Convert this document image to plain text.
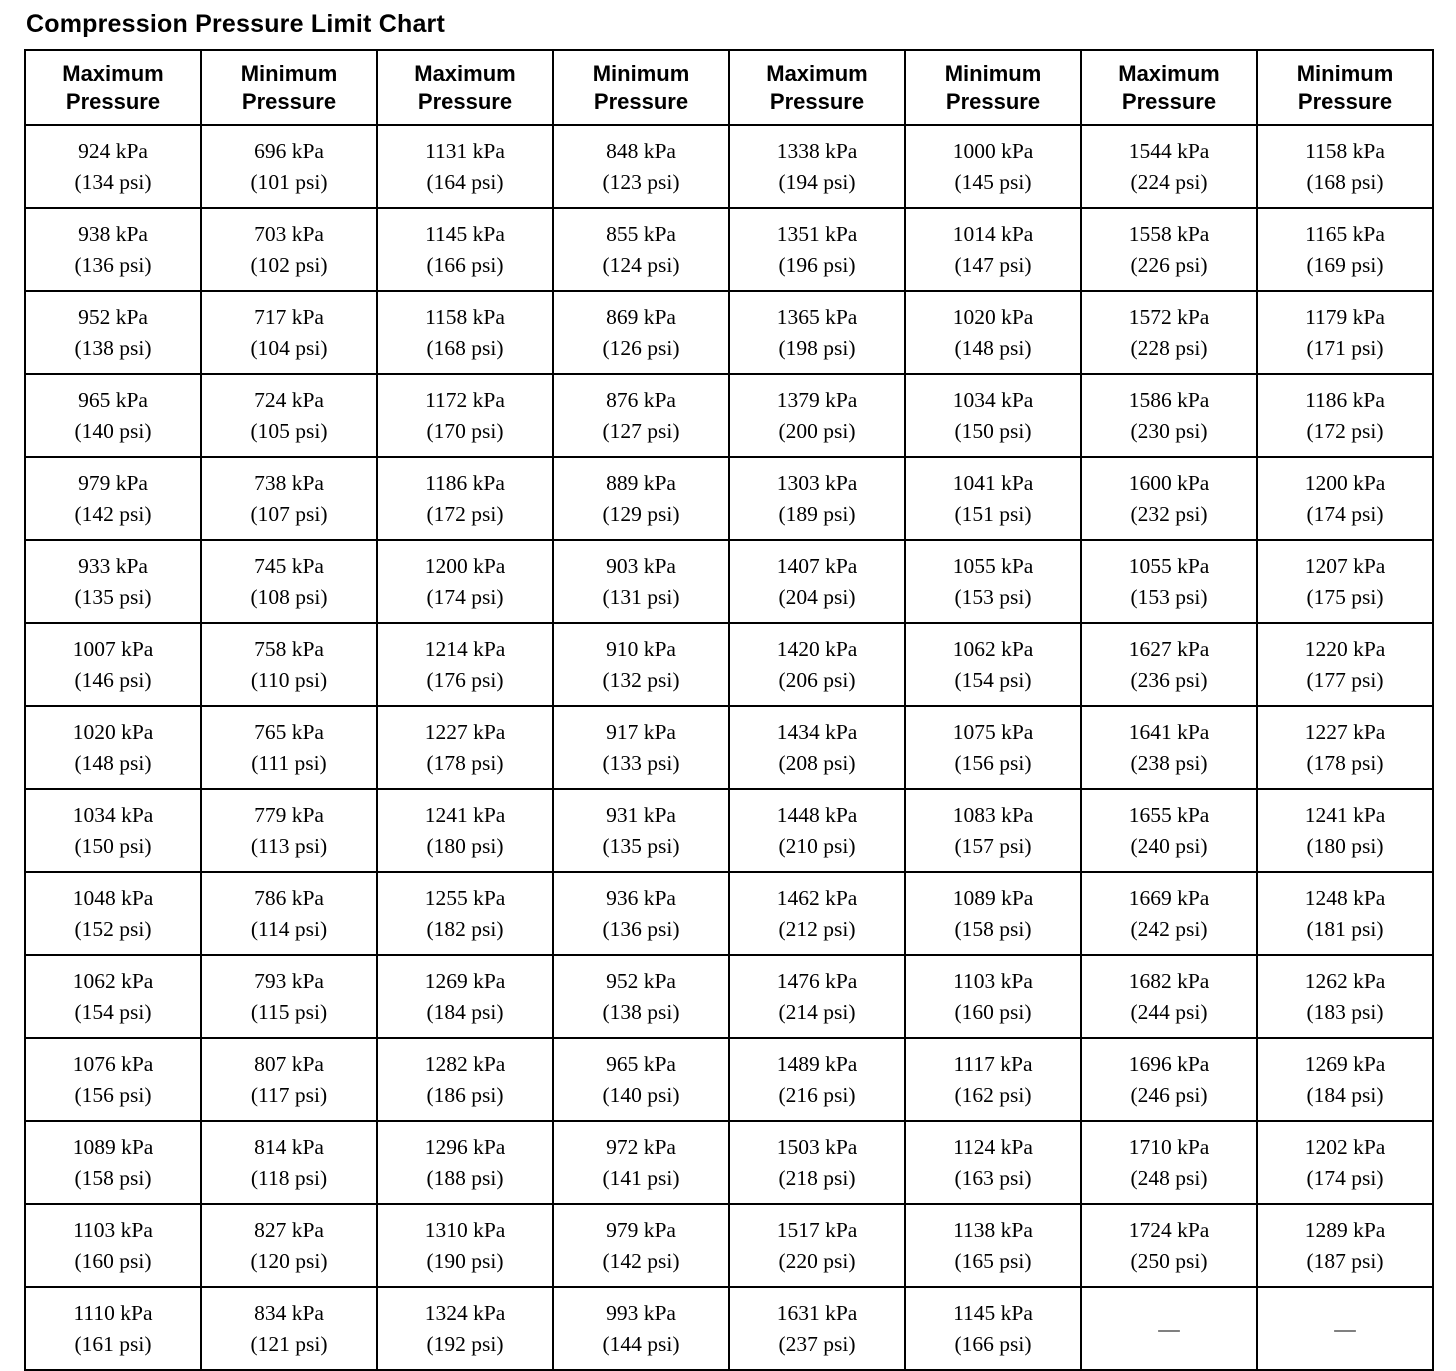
Compression Pressure Limit Chart
Maximum
Pressure	Minimum
Pressure	Maximum
Pressure	Minimum
Pressure	Maximum
Pressure	Minimum
Pressure	Maximum
Pressure	Minimum
Pressure
924 kPa
(134 psi)	696 kPa
(101 psi)	1131 kPa
(164 psi)	848 kPa
(123 psi)	1338 kPa
(194 psi)	1000 kPa
(145 psi)	1544 kPa
(224 psi)	1158 kPa
(168 psi)
938 kPa
(136 psi)	703 kPa
(102 psi)	1145 kPa
(166 psi)	855 kPa
(124 psi)	1351 kPa
(196 psi)	1014 kPa
(147 psi)	1558 kPa
(226 psi)	1165 kPa
(169 psi)
952 kPa
(138 psi)	717 kPa
(104 psi)	1158 kPa
(168 psi)	869 kPa
(126 psi)	1365 kPa
(198 psi)	1020 kPa
(148 psi)	1572 kPa
(228 psi)	1179 kPa
(171 psi)
965 kPa
(140 psi)	724 kPa
(105 psi)	1172 kPa
(170 psi)	876 kPa
(127 psi)	1379 kPa
(200 psi)	1034 kPa
(150 psi)	1586 kPa
(230 psi)	1186 kPa
(172 psi)
979 kPa
(142 psi)	738 kPa
(107 psi)	1186 kPa
(172 psi)	889 kPa
(129 psi)	1303 kPa
(189 psi)	1041 kPa
(151 psi)	1600 kPa
(232 psi)	1200 kPa
(174 psi)
933 kPa
(135 psi)	745 kPa
(108 psi)	1200 kPa
(174 psi)	903 kPa
(131 psi)	1407 kPa
(204 psi)	1055 kPa
(153 psi)	1055 kPa
(153 psi)	1207 kPa
(175 psi)
1007 kPa
(146 psi)	758 kPa
(110 psi)	1214 kPa
(176 psi)	910 kPa
(132 psi)	1420 kPa
(206 psi)	1062 kPa
(154 psi)	1627 kPa
(236 psi)	1220 kPa
(177 psi)
1020 kPa
(148 psi)	765 kPa
(111 psi)	1227 kPa
(178 psi)	917 kPa
(133 psi)	1434 kPa
(208 psi)	1075 kPa
(156 psi)	1641 kPa
(238 psi)	1227 kPa
(178 psi)
1034 kPa
(150 psi)	779 kPa
(113 psi)	1241 kPa
(180 psi)	931 kPa
(135 psi)	1448 kPa
(210 psi)	1083 kPa
(157 psi)	1655 kPa
(240 psi)	1241 kPa
(180 psi)
1048 kPa
(152 psi)	786 kPa
(114 psi)	1255 kPa
(182 psi)	936 kPa
(136 psi)	1462 kPa
(212 psi)	1089 kPa
(158 psi)	1669 kPa
(242 psi)	1248 kPa
(181 psi)
1062 kPa
(154 psi)	793 kPa
(115 psi)	1269 kPa
(184 psi)	952 kPa
(138 psi)	1476 kPa
(214 psi)	1103 kPa
(160 psi)	1682 kPa
(244 psi)	1262 kPa
(183 psi)
1076 kPa
(156 psi)	807 kPa
(117 psi)	1282 kPa
(186 psi)	965 kPa
(140 psi)	1489 kPa
(216 psi)	1117 kPa
(162 psi)	1696 kPa
(246 psi)	1269 kPa
(184 psi)
1089 kPa
(158 psi)	814 kPa
(118 psi)	1296 kPa
(188 psi)	972 kPa
(141 psi)	1503 kPa
(218 psi)	1124 kPa
(163 psi)	1710 kPa
(248 psi)	1202 kPa
(174 psi)
1103 kPa
(160 psi)	827 kPa
(120 psi)	1310 kPa
(190 psi)	979 kPa
(142 psi)	1517 kPa
(220 psi)	1138 kPa
(165 psi)	1724 kPa
(250 psi)	1289 kPa
(187 psi)
1110 kPa
(161 psi)	834 kPa
(121 psi)	1324 kPa
(192 psi)	993 kPa
(144 psi)	1631 kPa
(237 psi)	1145 kPa
(166 psi)	—	—
